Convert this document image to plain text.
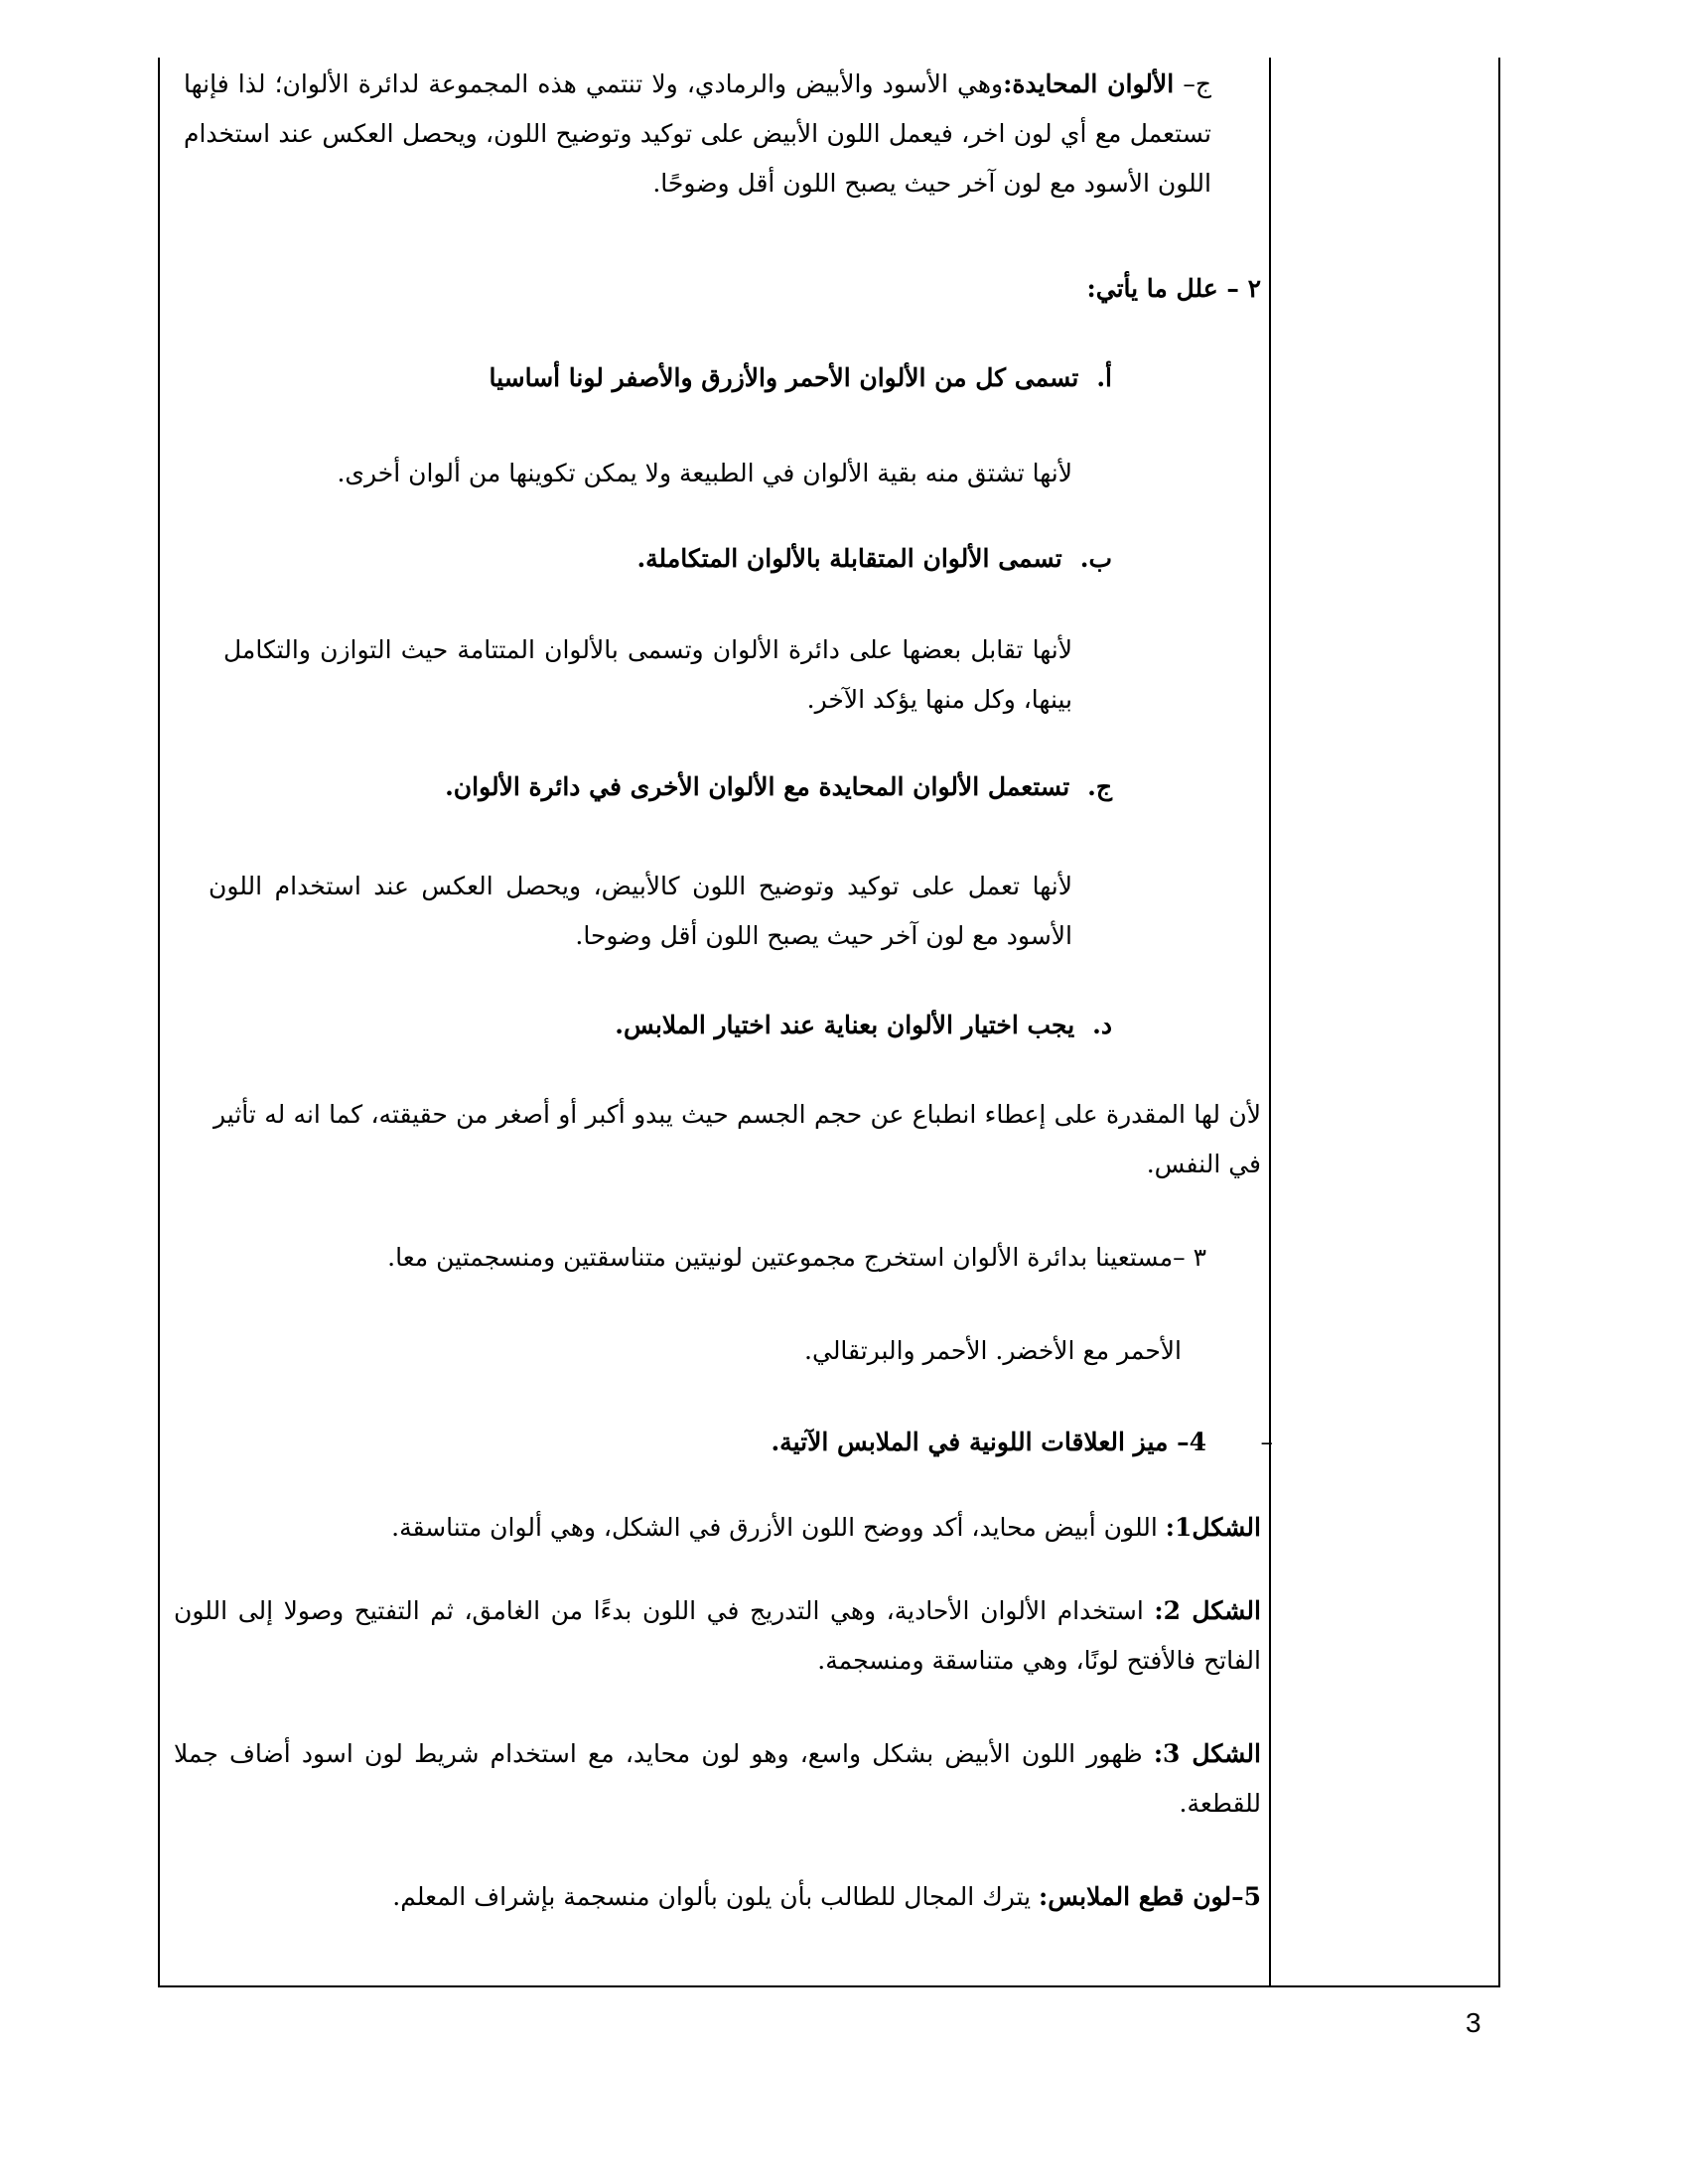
ج– الألوان المحايدة:وهي الأسود والأبيض والرمادي، ولا تنتمي هذه المجموعة لدائرة الألوان؛ لذا فإنها تستعمل مع أي لون اخر، فيعمل اللون الأبيض على توكيد وتوضيح اللون، ويحصل العكس عند استخدام اللون الأسود مع لون آخر حيث يصبح اللون أقل وضوحًا.

٢ – علل ما يأتي:

أ.تسمى كل من الألوان الأحمر والأزرق والأصفر لونا أساسيا

لأنها تشتق منه بقية الألوان في الطبيعة ولا يمكن تكوينها من ألوان أخرى.

ب.تسمى الألوان المتقابلة بالألوان المتكاملة.

لأنها تقابل بعضها على دائرة الألوان وتسمى بالألوان المتتامة حيث التوازن والتكامل بينها، وكل منها يؤكد الآخر.

ج.تستعمل الألوان المحايدة مع الألوان الأخرى في دائرة الألوان.

لأنها تعمل على توكيد وتوضيح اللون كالأبيض، ويحصل العكس عند استخدام اللون الأسود مع لون آخر حيث يصبح اللون أقل وضوحا.

د.يجب اختيار الألوان بعناية عند اختيار الملابس.

لأن لها المقدرة على إعطاء انطباع عن حجم الجسم حيث يبدو أكبر أو أصغر من حقيقته، كما انه له تأثير في النفس.

٣ –مستعينا بدائرة الألوان استخرج مجموعتين لونيتين متناسقتين ومنسجمتين معا.

الأحمر مع الأخضر. الأحمر والبرتقالي.

4– ميز العلاقات اللونية في الملابس الآتية. –

الشكل1: اللون أبيض محايد، أكد ووضح اللون الأزرق في الشكل، وهي ألوان متناسقة.

الشكل 2: استخدام الألوان الأحادية، وهي التدريج في اللون بدءًا من الغامق، ثم التفتيح وصولا إلى اللون الفاتح فالأفتح لونًا، وهي متناسقة ومنسجمة.

الشكل 3: ظهور اللون الأبيض بشكل واسع، وهو لون محايد، مع استخدام شريط لون اسود أضاف جملا للقطعة.

5–لون قطع الملابس: يترك المجال للطالب بأن يلون بألوان منسجمة بإشراف المعلم.

3
